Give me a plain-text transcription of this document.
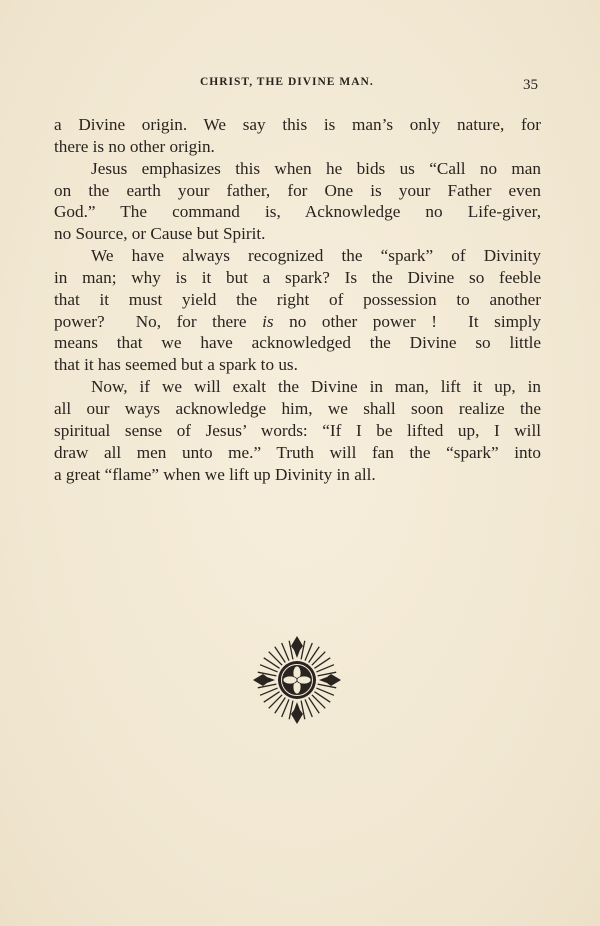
CHRIST, THE DIVINE MAN.	35
a Divine origin. We say this is man’s only nature, for
there is no other origin.
Jesus emphasizes this when he bids us “Call no man
on the earth your father, for One is your Father even
God.” The command is, Acknowledge no Life-giver,
no Source, or Cause but Spirit.
We have always recognized the “spark” of Divinity
in man; why is it but a spark? Is the Divine so feeble
that it must yield the right of possession to another
power?  No, for there is no other power !  It simply
means that we have acknowledged the Divine so little
that it has seemed but a spark to us.
Now, if we will exalt the Divine in man, lift it up, in
all our ways acknowledge him, we shall soon realize the
spiritual sense of Jesus’ words: “If I be lifted up, I will
draw all men unto me.” Truth will fan the “spark” into
a great “flame” when we lift up Divinity in all.
